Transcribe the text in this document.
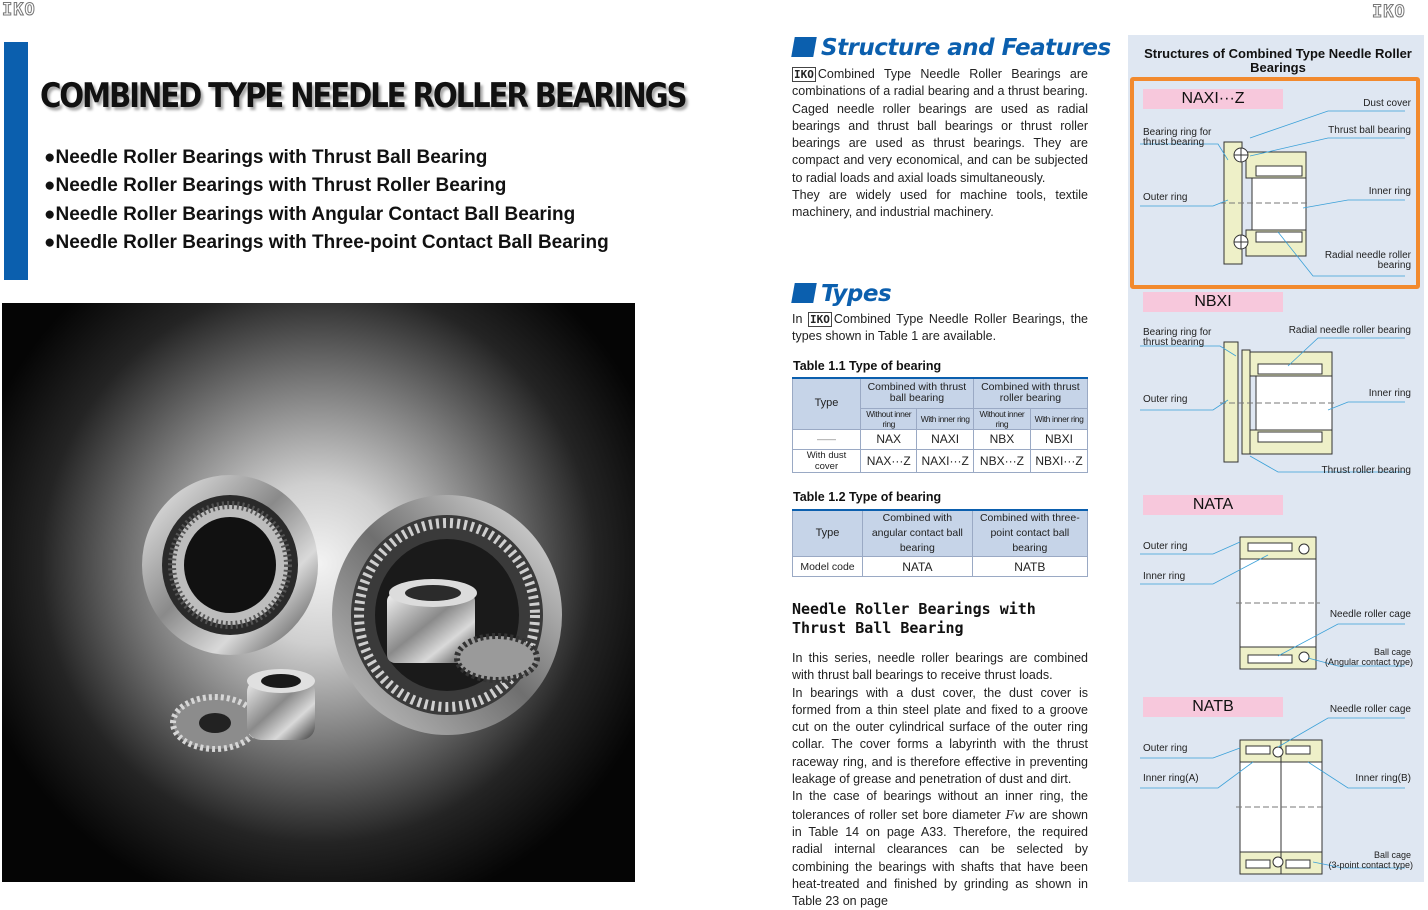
IKO	IKO
COMBINED TYPE NEEDLE ROLLER BEARINGS
● Needle Roller Bearings with Thrust Ball Bearing
● Needle Roller Bearings with Thrust Roller Bearing
● Needle Roller Bearings with Angular Contact Ball Bearing
● Needle Roller Bearings with Three-point Contact Ball Bearing
Structure and Features

IKO Combined Type Needle Roller Bearings are combinations of a radial bearing and a thrust bearing. Caged needle roller bearings are used as radial bearings and thrust ball bearings or thrust roller bearings are used as thrust bearings. They are compact and very economical, and can be subjected to radial loads and axial loads simultaneously.

They are widely used for machine tools, textile machinery, and industrial machinery.

Types

In IKO Combined Type Needle Roller Bearings, the types shown in Table 1 are available.

Table 1.1 Type of bearing
Type	Combined with thrust ball bearing		Combined with thrust roller bearing	
	Without inner ring	With inner ring	Without inner ring	With inner ring
——	NAX	NAXI	NBX	NBXI
With dust cover	NAX···Z	NAXI···Z	NBX···Z	NBXI···Z
Table 1.2 Type of bearing
Type	Combined with angular contact ball bearing	Combined with three-point contact ball bearing
Model code	NATA	NATB
Needle Roller Bearings with Thrust Ball Bearing

In this series, needle roller bearings are combined with thrust ball bearings to receive thrust loads.

In bearings with a dust cover, the dust cover is formed from a thin steel plate and fixed to a groove cut on the outer cylindrical surface of the outer ring collar. The cover forms a labyrinth with the thrust raceway ring, and is therefore effective in preventing leakage of grease and penetration of dust and dirt.

In the case of bearings without an inner ring, the tolerances of roller set bore diameter Fw are shown in Table 14 on page A33. Therefore, the required radial internal clearances can be selected by combining the bearings with shafts that have been heat-treated and finished by grinding as shown in Table 23 on page

Structures of Combined Type Needle Roller Bearings
NAXI···Z	Dust cover
Bearing ring for thrust bearing
Thrust ball bearing
Outer ring
Inner ring
Radial needle roller bearing
NBXI
Bearing ring for thrust bearing
Radial needle roller bearing
Outer ring
Inner ring
Thrust roller bearing
NATA
Outer ring
Inner ring
Needle roller cage
Ball cage
(Angular contact type)
NATB	Needle roller cage
Outer ring
Inner ring(A)	Inner ring(B)
Ball cage
(3-point contact type)
